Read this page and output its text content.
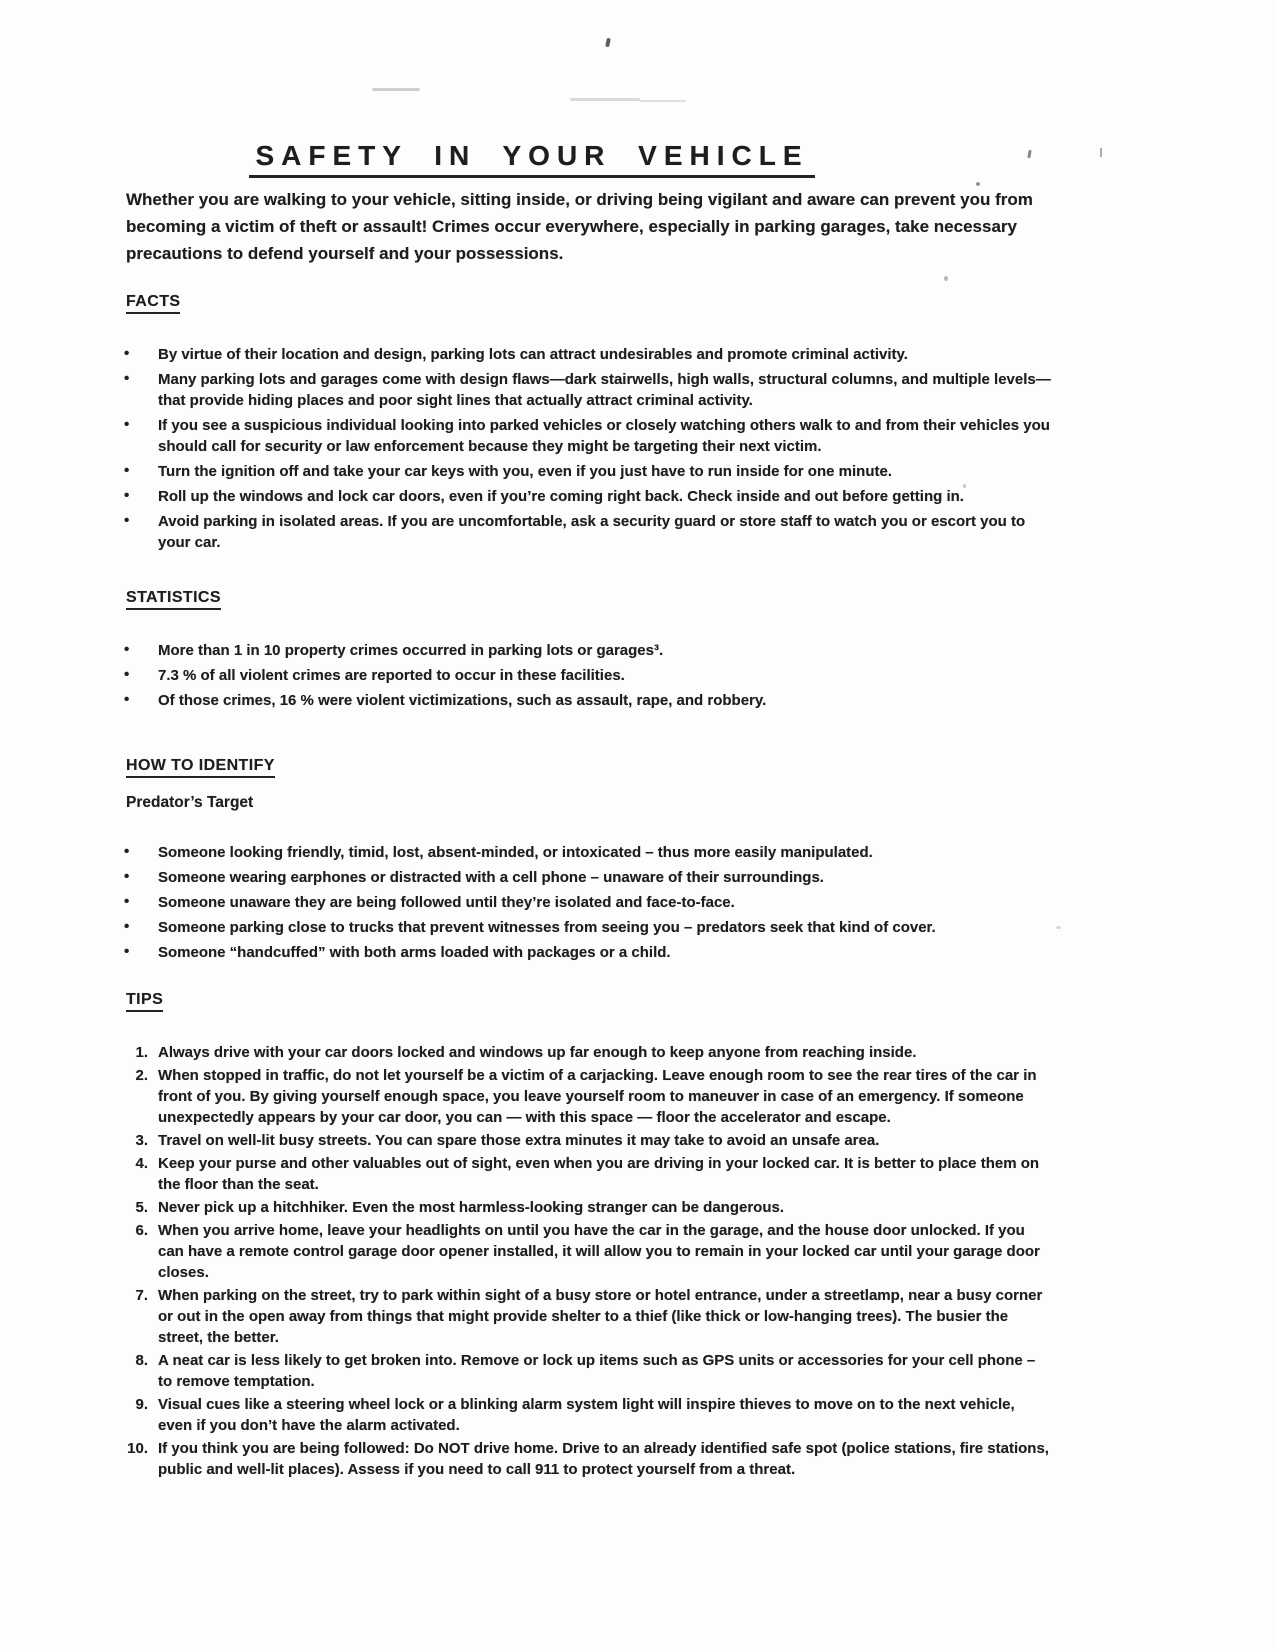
SAFETY IN YOUR VEHICLE

Whether you are walking to your vehicle, sitting inside, or driving being vigilant and aware can prevent you from becoming a victim of theft or assault! Crimes occur everywhere, especially in parking garages, take necessary precautions to defend yourself and your possessions.

FACTS
• By virtue of their location and design, parking lots can attract undesirables and promote criminal activity.
• Many parking lots and garages come with design flaws—dark stairwells, high walls, structural columns, and multiple levels—that provide hiding places and poor sight lines that actually attract criminal activity.
• If you see a suspicious individual looking into parked vehicles or closely watching others walk to and from their vehicles you should call for security or law enforcement because they might be targeting their next victim.
• Turn the ignition off and take your car keys with you, even if you just have to run inside for one minute.
• Roll up the windows and lock car doors, even if you’re coming right back. Check inside and out before getting in.
• Avoid parking in isolated areas. If you are uncomfortable, ask a security guard or store staff to watch you or escort you to your car.
STATISTICS
• More than 1 in 10 property crimes occurred in parking lots or garages³.
• 7.3 % of all violent crimes are reported to occur in these facilities.
• Of those crimes, 16 % were violent victimizations, such as assault, rape, and robbery.
HOW TO IDENTIFY

Predator’s Target

• Someone looking friendly, timid, lost, absent-minded, or intoxicated – thus more easily manipulated.
• Someone wearing earphones or distracted with a cell phone – unaware of their surroundings.
• Someone unaware they are being followed until they’re isolated and face-to-face.
• Someone parking close to trucks that prevent witnesses from seeing you – predators seek that kind of cover.
• Someone “handcuffed” with both arms loaded with packages or a child.
TIPS
Always drive with your car doors locked and windows up far enough to keep anyone from reaching inside.
When stopped in traffic, do not let yourself be a victim of a carjacking. Leave enough room to see the rear tires of the car in front of you. By giving yourself enough space, you leave yourself room to maneuver in case of an emergency. If someone unexpectedly appears by your car door, you can — with this space — floor the accelerator and escape.
Travel on well-lit busy streets. You can spare those extra minutes it may take to avoid an unsafe area.
Keep your purse and other valuables out of sight, even when you are driving in your locked car. It is better to place them on the floor than the seat.
Never pick up a hitchhiker. Even the most harmless-looking stranger can be dangerous.
When you arrive home, leave your headlights on until you have the car in the garage, and the house door unlocked. If you can have a remote control garage door opener installed, it will allow you to remain in your locked car until your garage door closes.
When parking on the street, try to park within sight of a busy store or hotel entrance, under a streetlamp, near a busy corner or out in the open away from things that might provide shelter to a thief (like thick or low-hanging trees). The busier the street, the better.
A neat car is less likely to get broken into. Remove or lock up items such as GPS units or accessories for your cell phone – to remove temptation.
Visual cues like a steering wheel lock or a blinking alarm system light will inspire thieves to move on to the next vehicle, even if you don’t have the alarm activated.
If you think you are being followed: Do NOT drive home. Drive to an already identified safe spot (police stations, fire stations, public and well-lit places). Assess if you need to call 911 to protect yourself from a threat.
